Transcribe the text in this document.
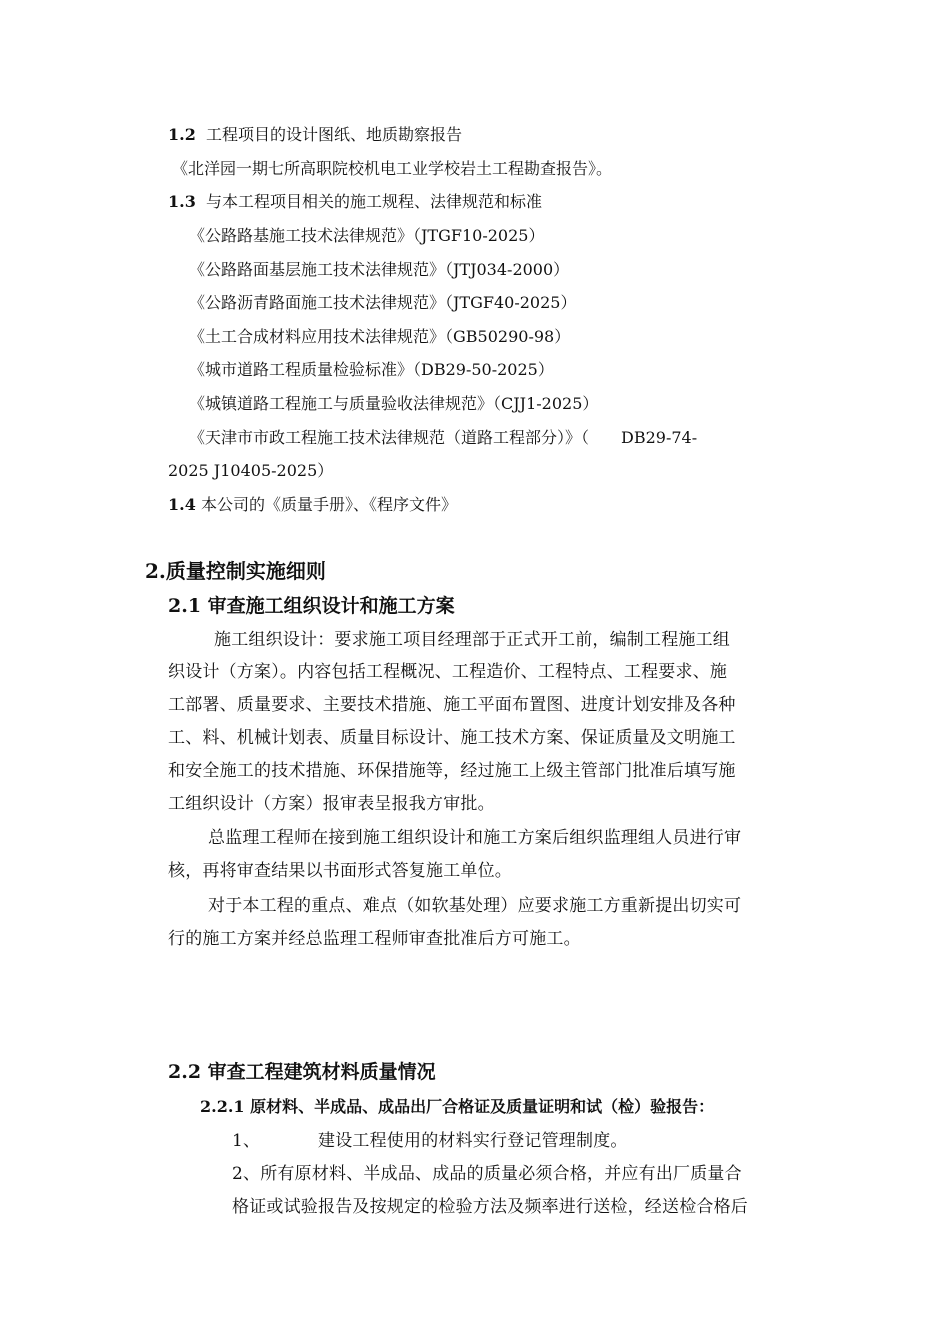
1.2 工程项目的设计图纸、地质勘察报告
《北洋园一期七所高职院校机电工业学校岩土工程勘查报告》。
1.3 与本工程项目相关的施工规程、法律规范和标准
《公路路基施工技术法律规范》（JTGF10-2025）
《公路路面基层施工技术法律规范》（JTJ034-2000）
《公路沥青路面施工技术法律规范》（JTGF40-2025）
《土工合成材料应用技术法律规范》（GB50290-98）
《城市道路工程质量检验标准》（DB29-50-2025）
《城镇道路工程施工与质量验收法律规范》（CJJ1-2025）
《天津市市政工程施工技术法律规范（道路工程部分）》（　　DB29-74-
2025 J10405-2025）
1.4 本公司的《质量手册》、《程序文件》
2.质量控制实施细则
2.1 审查施工组织设计和施工方案
施工组织设计：要求施工项目经理部于正式开工前，编制工程施工组
织设计（方案）。内容包括工程概况、工程造价、工程特点、工程要求、施
工部署、质量要求、主要技术措施、施工平面布置图、进度计划安排及各种
工、料、机械计划表、质量目标设计、施工技术方案、保证质量及文明施工
和安全施工的技术措施、环保措施等，经过施工上级主管部门批准后填写施
工组织设计（方案）报审表呈报我方审批。
总监理工程师在接到施工组织设计和施工方案后组织监理组人员进行审
核，再将审查结果以书面形式答复施工单位。
对于本工程的重点、难点（如软基处理）应要求施工方重新提出切实可
行的施工方案并经总监理工程师审查批准后方可施工。
2.2 审查工程建筑材料质量情况
2.2.1 原材料、半成品、成品出厂合格证及质量证明和试（检）验报告：
1、	建设工程使用的材料实行登记管理制度。
2、所有原材料、半成品、成品的质量必须合格，并应有出厂质量合
格证或试验报告及按规定的检验方法及频率进行送检，经送检合格后
